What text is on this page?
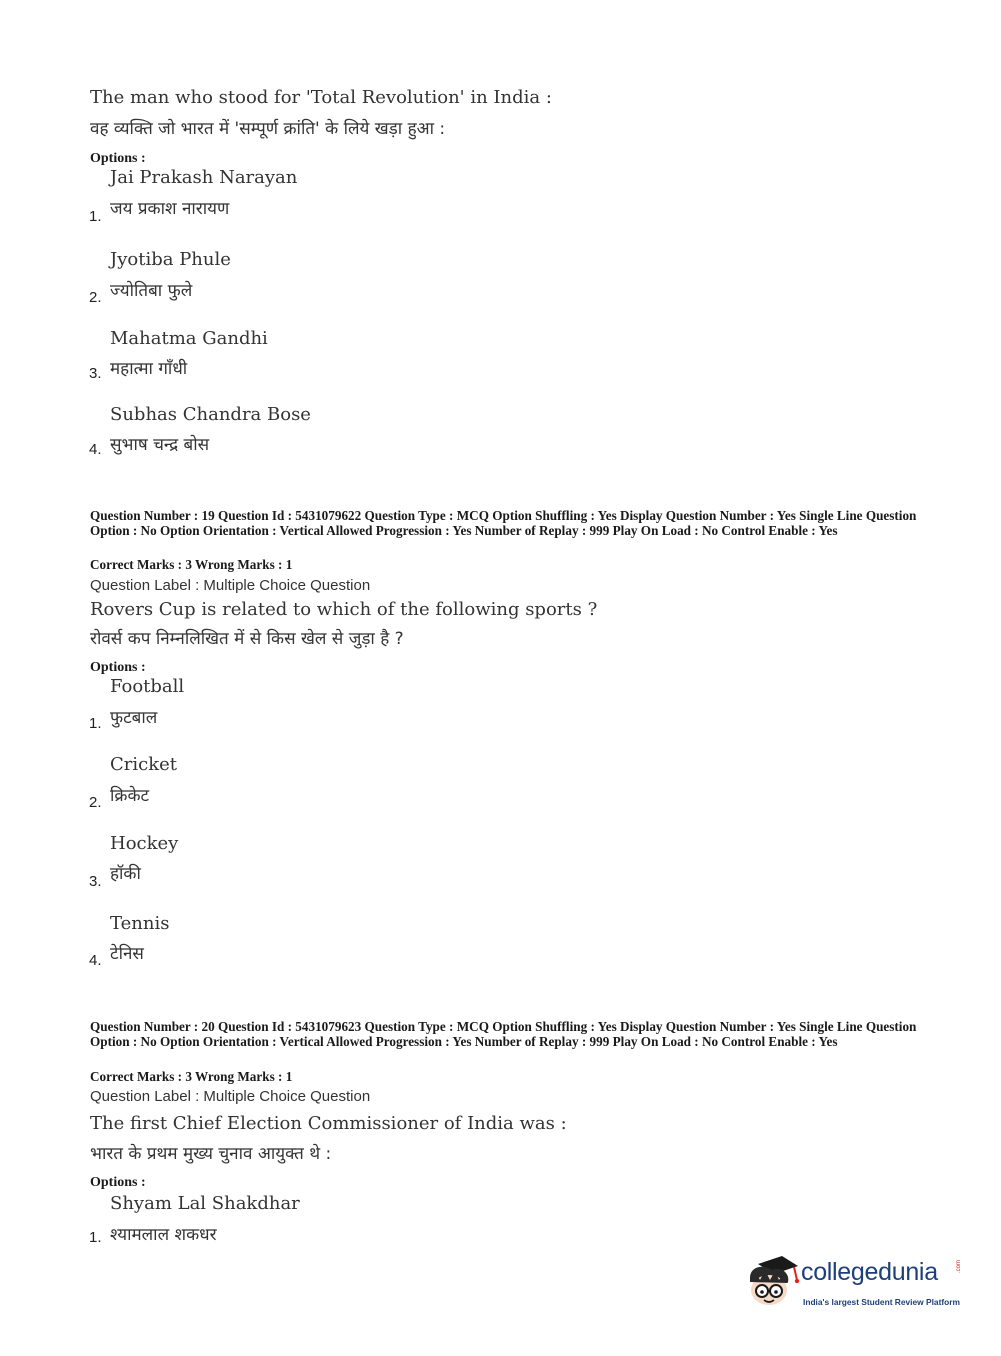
The man who stood for 'Total Revolution' in India :
वह व्यक्ति जो भारत में 'सम्पूर्ण क्रांति' के लिये खड़ा हुआ :
Options :
Jai Prakash Narayan
जय प्रकाश नारायण
1.
Jyotiba Phule
ज्योतिबा फुले
2.
Mahatma Gandhi
महात्मा गाँधी
3.
Subhas Chandra Bose
सुभाष चन्द्र बोस
4.
Question Number : 19 Question Id : 5431079622 Question Type : MCQ Option Shuffling : Yes Display Question Number : Yes Single Line Question Option : No Option Orientation : Vertical Allowed Progression : Yes Number of Replay : 999 Play On Load : No Control Enable : Yes
Correct Marks : 3 Wrong Marks : 1
Question Label : Multiple Choice Question
Rovers Cup is related to which of the following sports ?
रोवर्स कप निम्नलिखित में से किस खेल से जुड़ा है ?
Options :
Football
फुटबाल
1.
Cricket
क्रिकेट
2.
Hockey
हॉकी
3.
Tennis
टेनिस
4.
Question Number : 20 Question Id : 5431079623 Question Type : MCQ Option Shuffling : Yes Display Question Number : Yes Single Line Question Option : No Option Orientation : Vertical Allowed Progression : Yes Number of Replay : 999 Play On Load : No Control Enable : Yes
Correct Marks : 3 Wrong Marks : 1
Question Label : Multiple Choice Question
The first Chief Election Commissioner of India was :
भारत के प्रथम मुख्य चुनाव आयुक्त थे :
Options :
Shyam Lal Shakdhar
श्यामलाल शकधर
1.
collegedunia	.com
India's largest Student Review Platform
